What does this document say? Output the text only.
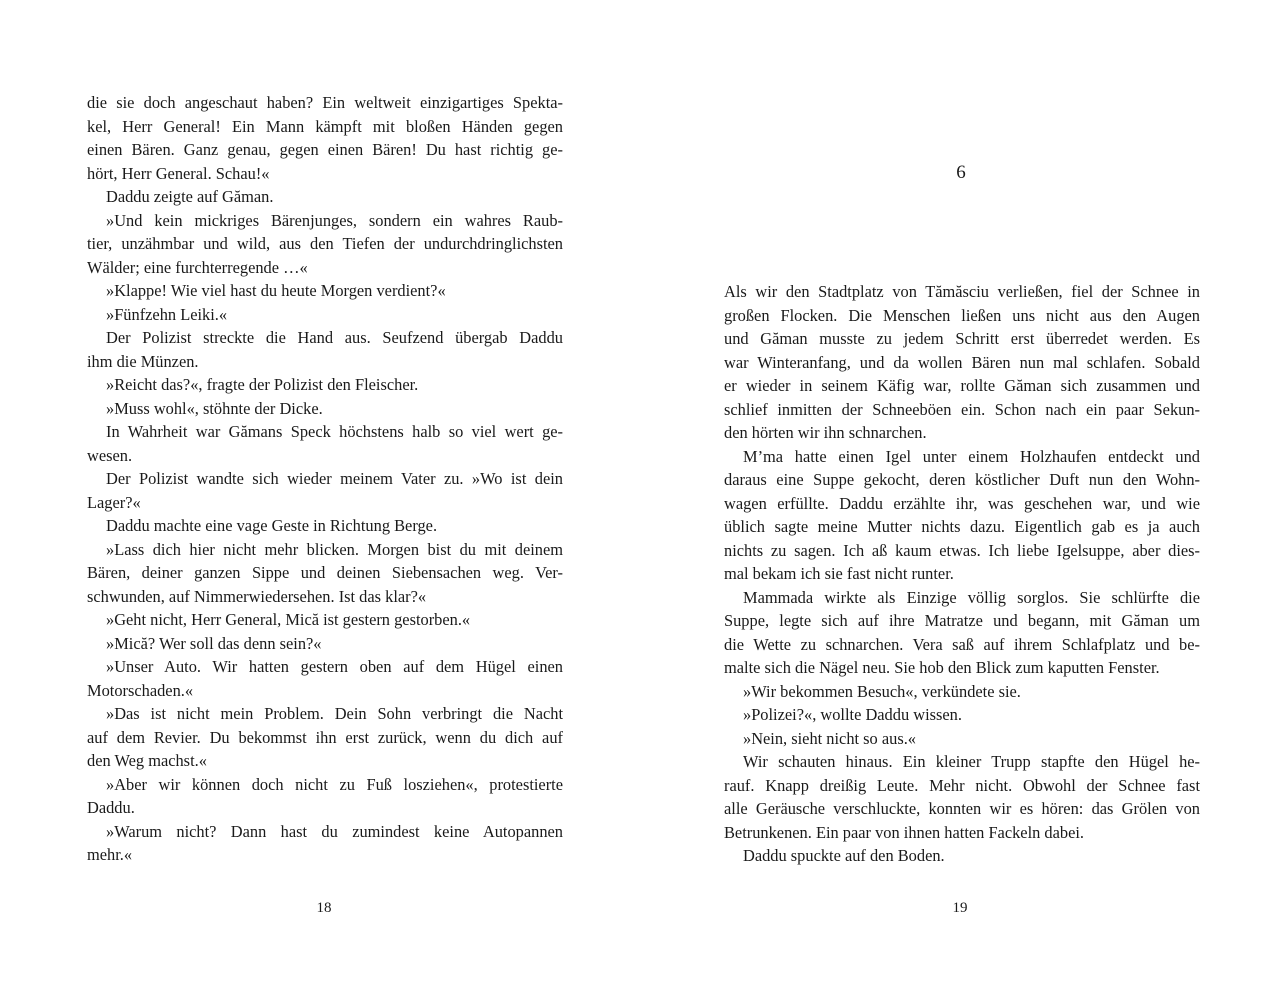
die sie doch angeschaut haben? Ein weltweit einzigartiges Spekta-
kel, Herr General! Ein Mann kämpft mit bloßen Händen gegen
einen Bären. Ganz genau, gegen einen Bären! Du hast richtig ge-
hört, Herr General. Schau!«
Daddu zeigte auf Găman.
»Und kein mickriges Bärenjunges, sondern ein wahres Raub-
tier, unzähmbar und wild, aus den Tiefen der undurchdringlichsten
Wälder; eine furchterregende …«
»Klappe! Wie viel hast du heute Morgen verdient?«
»Fünfzehn Leiki.«
Der Polizist streckte die Hand aus. Seufzend übergab Daddu
ihm die Münzen.
»Reicht das?«, fragte der Polizist den Fleischer.
»Muss wohl«, stöhnte der Dicke.
In Wahrheit war Gămans Speck höchstens halb so viel wert ge-
wesen.
Der Polizist wandte sich wieder meinem Vater zu. »Wo ist dein
Lager?«
Daddu machte eine vage Geste in Richtung Berge.
»Lass dich hier nicht mehr blicken. Morgen bist du mit deinem
Bären, deiner ganzen Sippe und deinen Siebensachen weg. Ver-
schwunden, auf Nimmerwiedersehen. Ist das klar?«
»Geht nicht, Herr General, Mică ist gestern gestorben.«
»Mică? Wer soll das denn sein?«
»Unser Auto. Wir hatten gestern oben auf dem Hügel einen
Motorschaden.«
»Das ist nicht mein Problem. Dein Sohn verbringt die Nacht
auf dem Revier. Du bekommst ihn erst zurück, wenn du dich auf
den Weg machst.«
»Aber wir können doch nicht zu Fuß losziehen«, protestierte
Daddu.
»Warum nicht? Dann hast du zumindest keine Autopannen
mehr.«
18
6
Als wir den Stadtplatz von Tămăsciu verließen, fiel der Schnee in
großen Flocken. Die Menschen ließen uns nicht aus den Augen
und Găman musste zu jedem Schritt erst überredet werden. Es
war Winteranfang, und da wollen Bären nun mal schlafen. Sobald
er wieder in seinem Käfig war, rollte Găman sich zusammen und
schlief inmitten der Schneeböen ein. Schon nach ein paar Sekun-
den hörten wir ihn schnarchen.
M’ma hatte einen Igel unter einem Holzhaufen entdeckt und
daraus eine Suppe gekocht, deren köstlicher Duft nun den Wohn-
wagen erfüllte. Daddu erzählte ihr, was geschehen war, und wie
üblich sagte meine Mutter nichts dazu. Eigentlich gab es ja auch
nichts zu sagen. Ich aß kaum etwas. Ich liebe Igelsuppe, aber dies-
mal bekam ich sie fast nicht runter.
Mammada wirkte als Einzige völlig sorglos. Sie schlürfte die
Suppe, legte sich auf ihre Matratze und begann, mit Găman um
die Wette zu schnarchen. Vera saß auf ihrem Schlafplatz und be-
malte sich die Nägel neu. Sie hob den Blick zum kaputten Fenster.
»Wir bekommen Besuch«, verkündete sie.
»Polizei?«, wollte Daddu wissen.
»Nein, sieht nicht so aus.«
Wir schauten hinaus. Ein kleiner Trupp stapfte den Hügel he-
rauf. Knapp dreißig Leute. Mehr nicht. Obwohl der Schnee fast
alle Geräusche verschluckte, konnten wir es hören: das Grölen von
Betrunkenen. Ein paar von ihnen hatten Fackeln dabei.
Daddu spuckte auf den Boden.
19
